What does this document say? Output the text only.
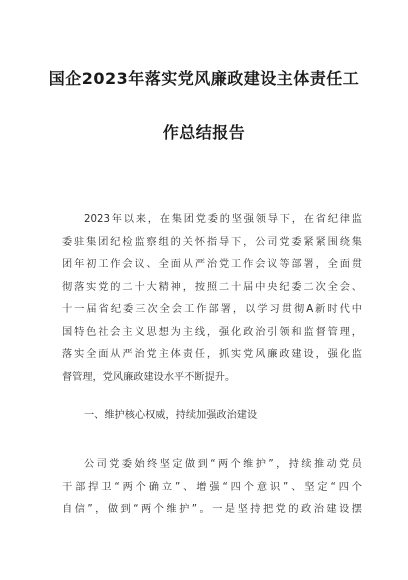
国企2023年落实党风廉政建设主体责任工
作总结报告
2023年以来，在集团党委的坚强领导下，在省纪律监
委驻集团纪检监察组的关怀指导下，公司党委紧紧围绕集
团年初工作会议、全面从严治党工作会议等部署，全面贯
彻落实党的二十大精神，按照二十届中央纪委二次全会、
十一届省纪委三次全会工作部署，以学习贯彻A新时代中
国特色社会主义思想为主线，强化政治引领和监督管理，
落实全面从严治党主体责任，抓实党风廉政建设，强化监
督管理，党风廉政建设水平不断提升。
一、维护核心权威，持续加强政治建设
公司党委始终坚定做到“两个维护”，持续推动党员
干部捍卫“两个确立”、增强“四个意识”、坚定“四个
自信”，做到“两个维护”。一是坚持把党的政治建设摆
